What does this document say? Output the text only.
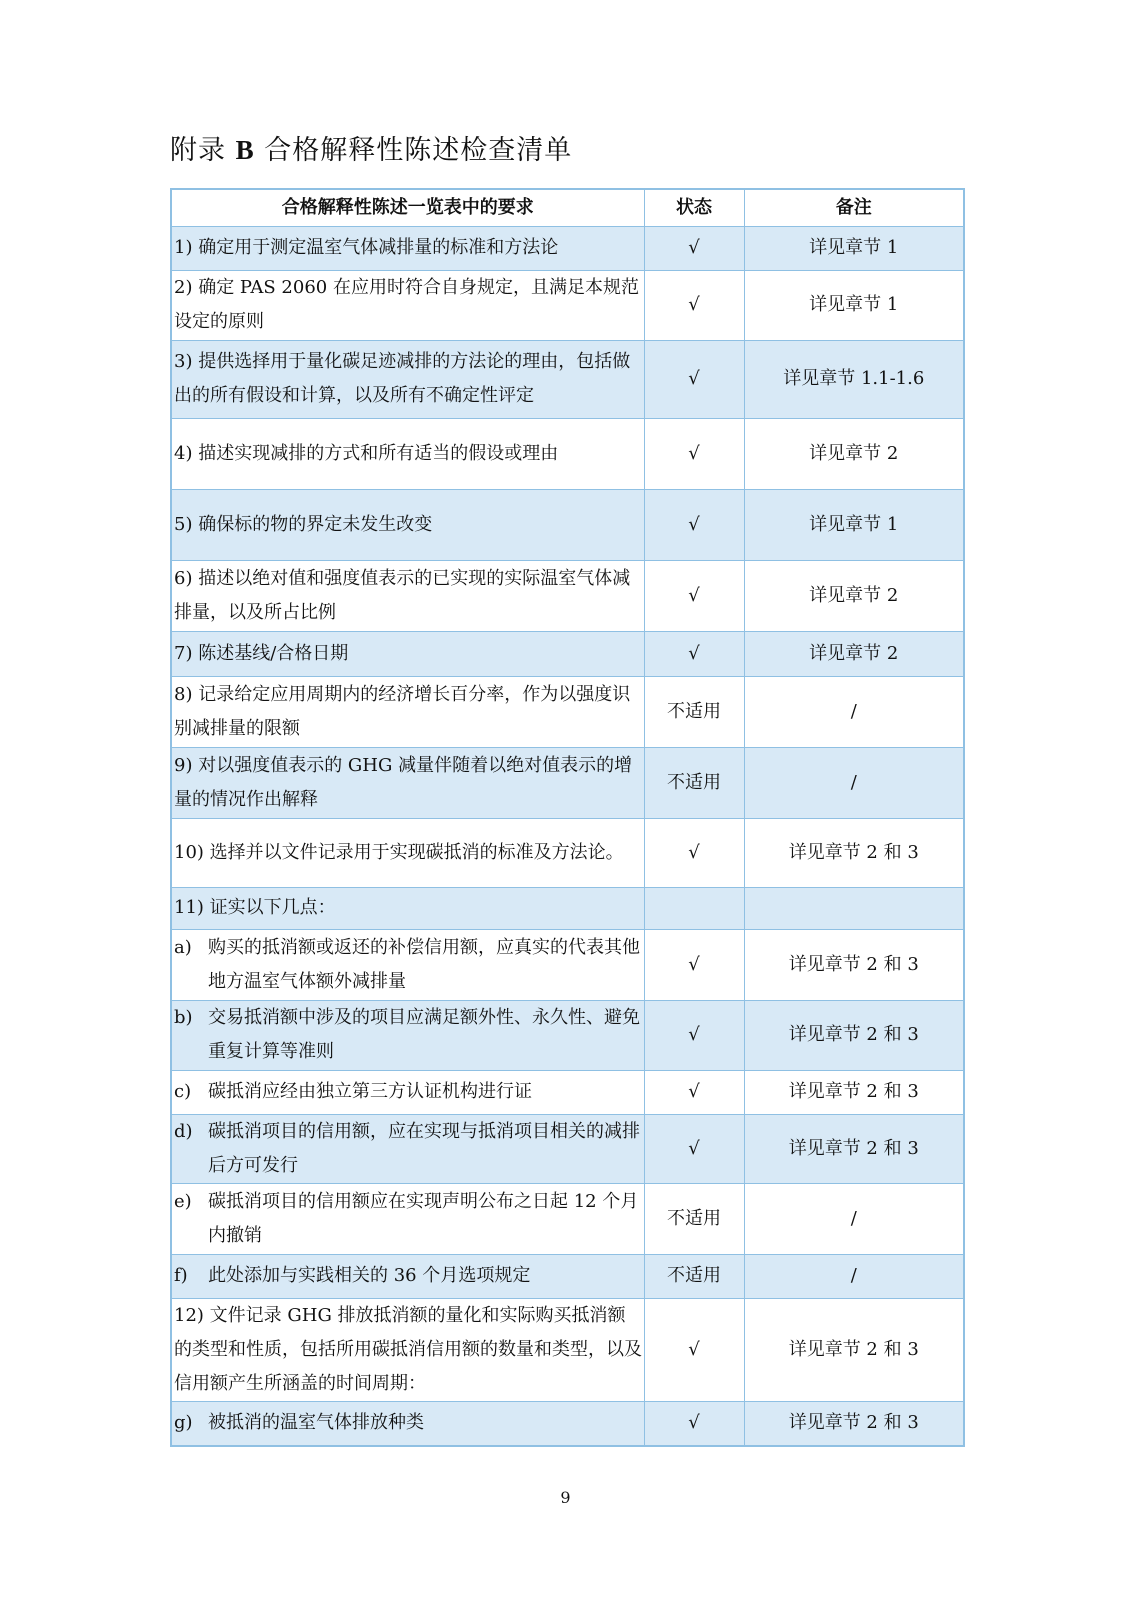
附录 B 合格解释性陈述检查清单
合格解释性陈述一览表中的要求	状态	备注
1) 确定用于测定温室气体减排量的标准和方法论	√	详见章节 1
2) 确定 PAS 2060 在应用时符合自身规定，且满足本规范设定的原则	√	详见章节 1
3) 提供选择用于量化碳足迹减排的方法论的理由，包括做出的所有假设和计算，以及所有不确定性评定	√	详见章节 1.1-1.6
4) 描述实现减排的方式和所有适当的假设或理由	√	详见章节 2
5) 确保标的物的界定未发生改变	√	详见章节 1
6) 描述以绝对值和强度值表示的已实现的实际温室气体减排量，以及所占比例	√	详见章节 2
7) 陈述基线/合格日期	√	详见章节 2
8) 记录给定应用周期内的经济增长百分率，作为以强度识别减排量的限额	不适用	/
9) 对以强度值表示的 GHG 减量伴随着以绝对值表示的增量的情况作出解释	不适用	/
10) 选择并以文件记录用于实现碳抵消的标准及方法论。	√	详见章节 2 和 3
11) 证实以下几点：		

a) 购买的抵消额或返还的补偿信用额，应真实的代表其他地方温室气体额外减排量	√	详见章节 2 和 3

b) 交易抵消额中涉及的项目应满足额外性、永久性、避免重复计算等准则	√	详见章节 2 和 3

c) 碳抵消应经由独立第三方认证机构进行证	√	详见章节 2 和 3

d) 碳抵消项目的信用额，应在实现与抵消项目相关的减排后方可发行	√	详见章节 2 和 3

e) 碳抵消项目的信用额应在实现声明公布之日起 12 个月内撤销	不适用	/

f) 此处添加与实践相关的 36 个月选项规定	不适用	/
12) 文件记录 GHG 排放抵消额的量化和实际购买抵消额的类型和性质，包括所用碳抵消信用额的数量和类型，以及信用额产生所涵盖的时间周期：	√	详见章节 2 和 3

g) 被抵消的温室气体排放种类	√	详见章节 2 和 3
9
